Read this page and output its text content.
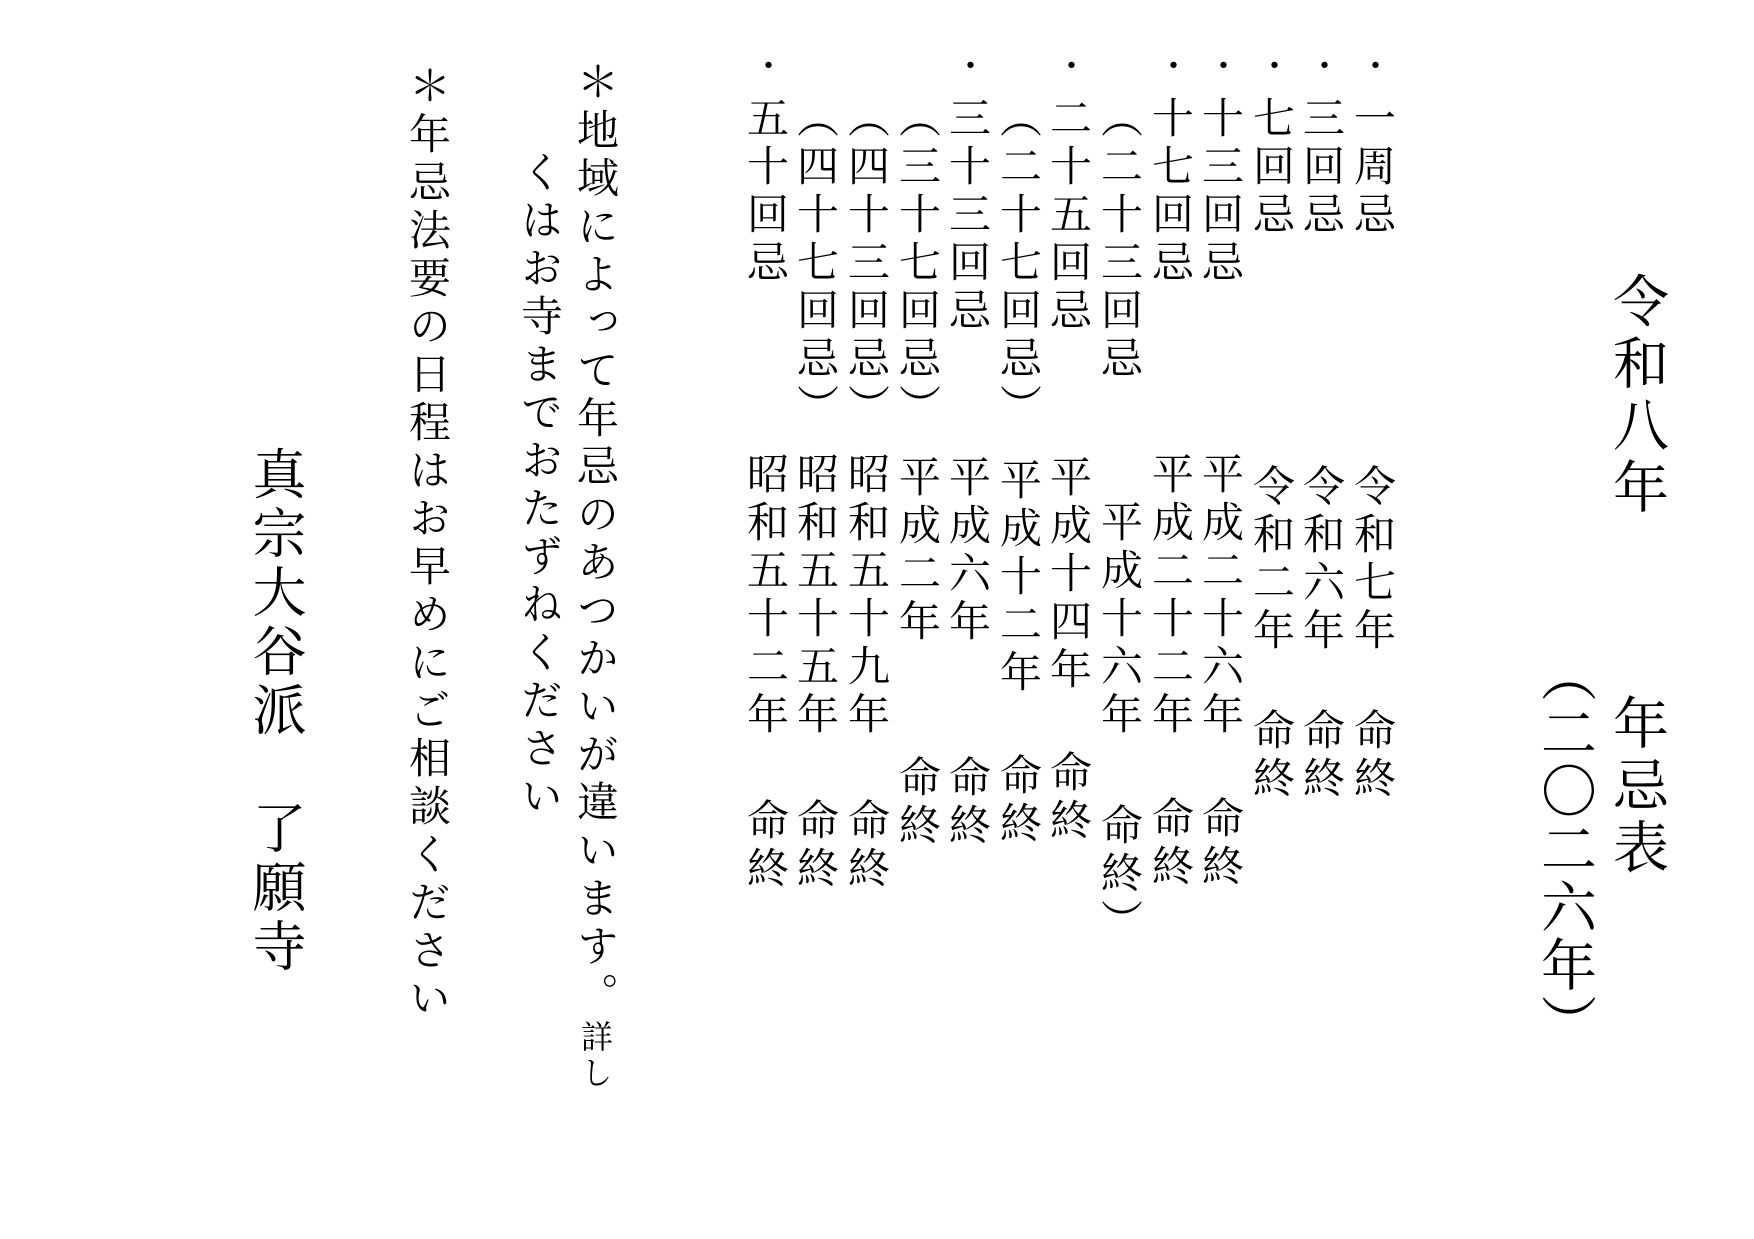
令和八年
年忌表
（二〇二六年）
・
一周忌
令和七年
命終
・
三回忌
令和六年
命終
・
七回忌
令和二年
命終
・
十三回忌
平成二十六年
命終
・
十七回忌
平成二十二年
命終
（二十三回忌
平成十六年
命終）
・
二十五回忌
平成十四年
命終
（二十七回忌）
平成十二年
命終
・
三十三回忌
平成六年
命終
（三十七回忌）
平成二年
命終
（四十三回忌）
昭和五十九年
命終
（四十七回忌）
昭和五十五年
命終
・
五十回忌
昭和五十二年
命終
＊地域によって年忌のあつかいが違います。詳し
くはお寺までおたずねください
＊年忌法要の日程はお早めにご相談ください
真宗大谷派　了願寺
